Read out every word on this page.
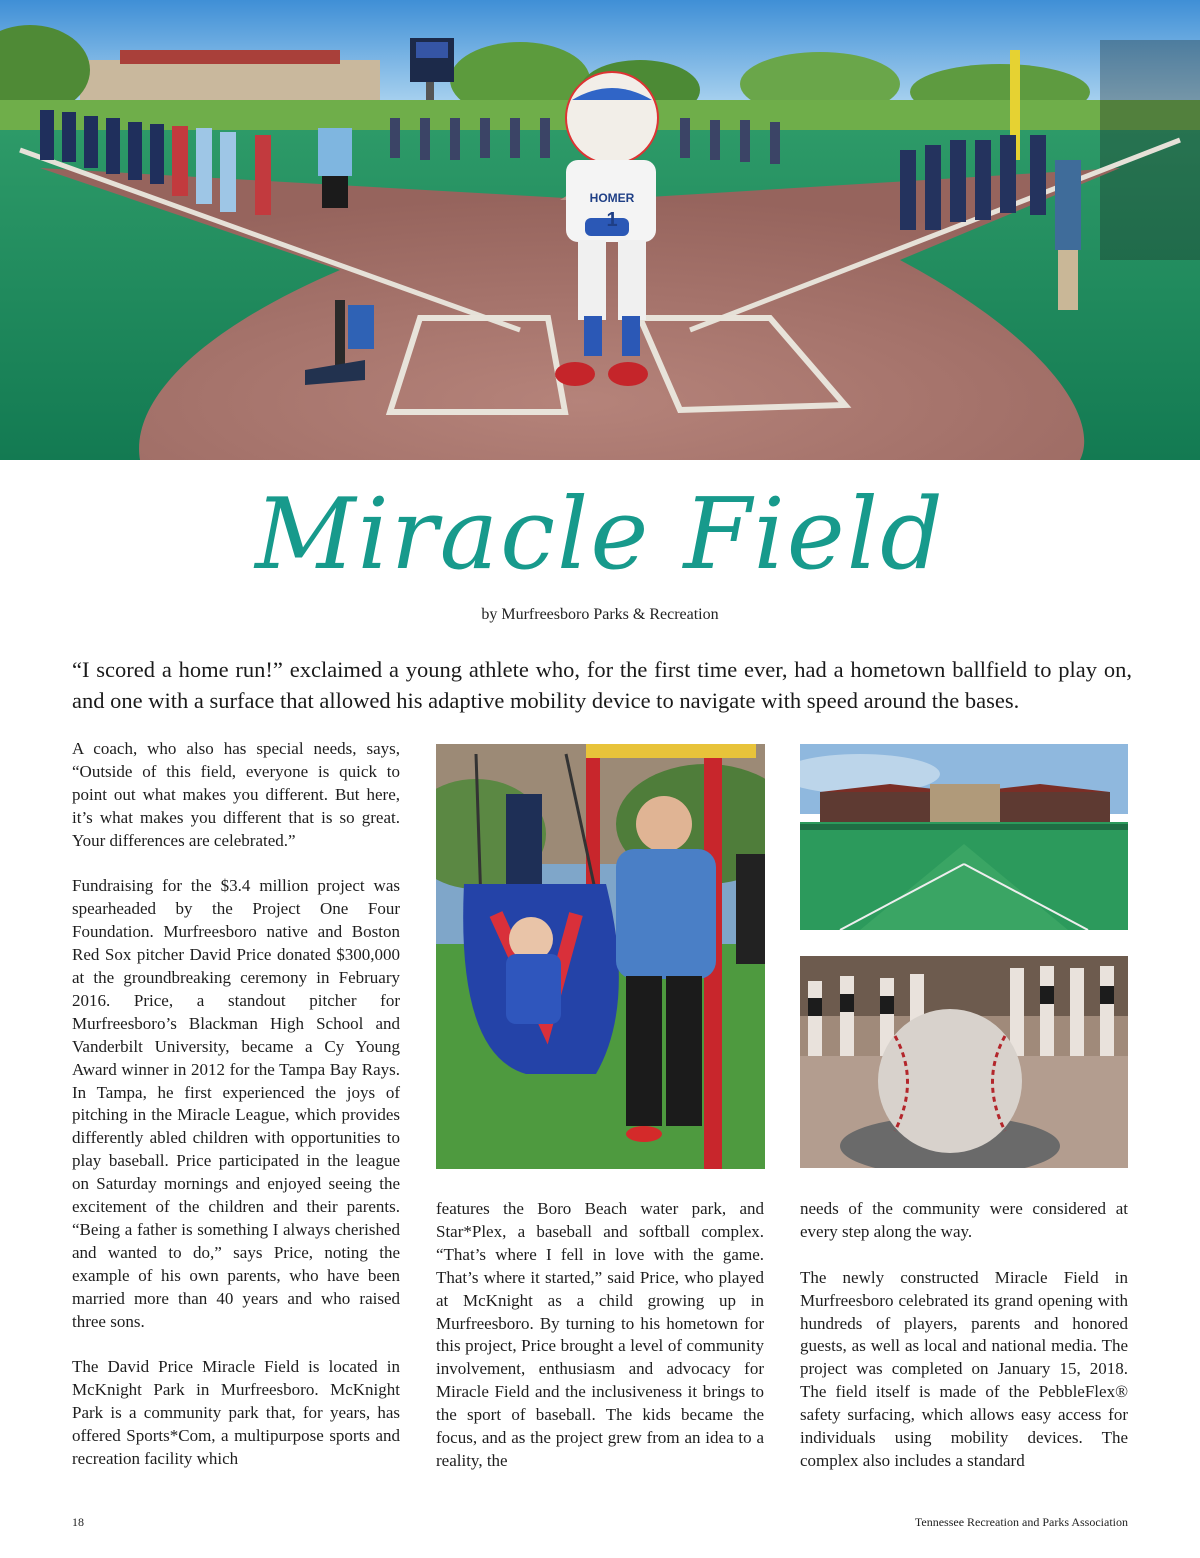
HOMER
1
Miracle Field
by Murfreesboro Parks & Recreation

“I scored a home run!” exclaimed a young athlete who, for the first time ever, had a hometown ballfield to play on, and one with a surface that allowed his adaptive mobility device to navigate with speed around the bases.

A coach, who also has special needs, says, “Outside of this field, everyone is quick to point out what makes you different. But here, it’s what makes you different that is so great. Your differences are celebrated.”

Fundraising for the $3.4 million project was spearheaded by the Project One Four Foundation. Murfreesboro native and Boston Red Sox pitcher David Price donated $300,000 at the groundbreaking ceremony in February 2016. Price, a standout pitcher for Murfreesboro’s Blackman High School and Vanderbilt University, became a Cy Young Award winner in 2012 for the Tampa Bay Rays. In Tampa, he first experienced the joys of pitching in the Miracle League, which provides differently abled children with opportunities to play baseball. Price participated in the league on Saturday mornings and enjoyed seeing the excitement of the children and their parents. “Being a father is something I always cherished and wanted to do,” says Price, noting the example of his own parents, who have been married more than 40 years and who raised three sons.

The David Price Miracle Field is located in McKnight Park in Murfreesboro. McKnight Park is a community park that, for years, has offered Sports*Com, a multipurpose sports and recreation facility which

features the Boro Beach water park, and Star*Plex, a baseball and softball complex. “That’s where I fell in love with the game. That’s where it started,” said Price, who played at McKnight as a child growing up in Murfreesboro. By turning to his hometown for this project, Price brought a level of community involvement, enthusiasm and advocacy for Miracle Field and the inclusiveness it brings to the sport of baseball. The kids became the focus, and as the project grew from an idea to a reality, the

needs of the community were considered at every step along the way.

The newly constructed Miracle Field in Murfreesboro celebrated its grand opening with hundreds of players, parents and honored guests, as well as local and national media. The project was completed on January 15, 2018. The field itself is made of the PebbleFlex® safety surfacing, which allows easy access for individuals using mobility devices. The complex also includes a standard

18	Tennessee Recreation and Parks Association
